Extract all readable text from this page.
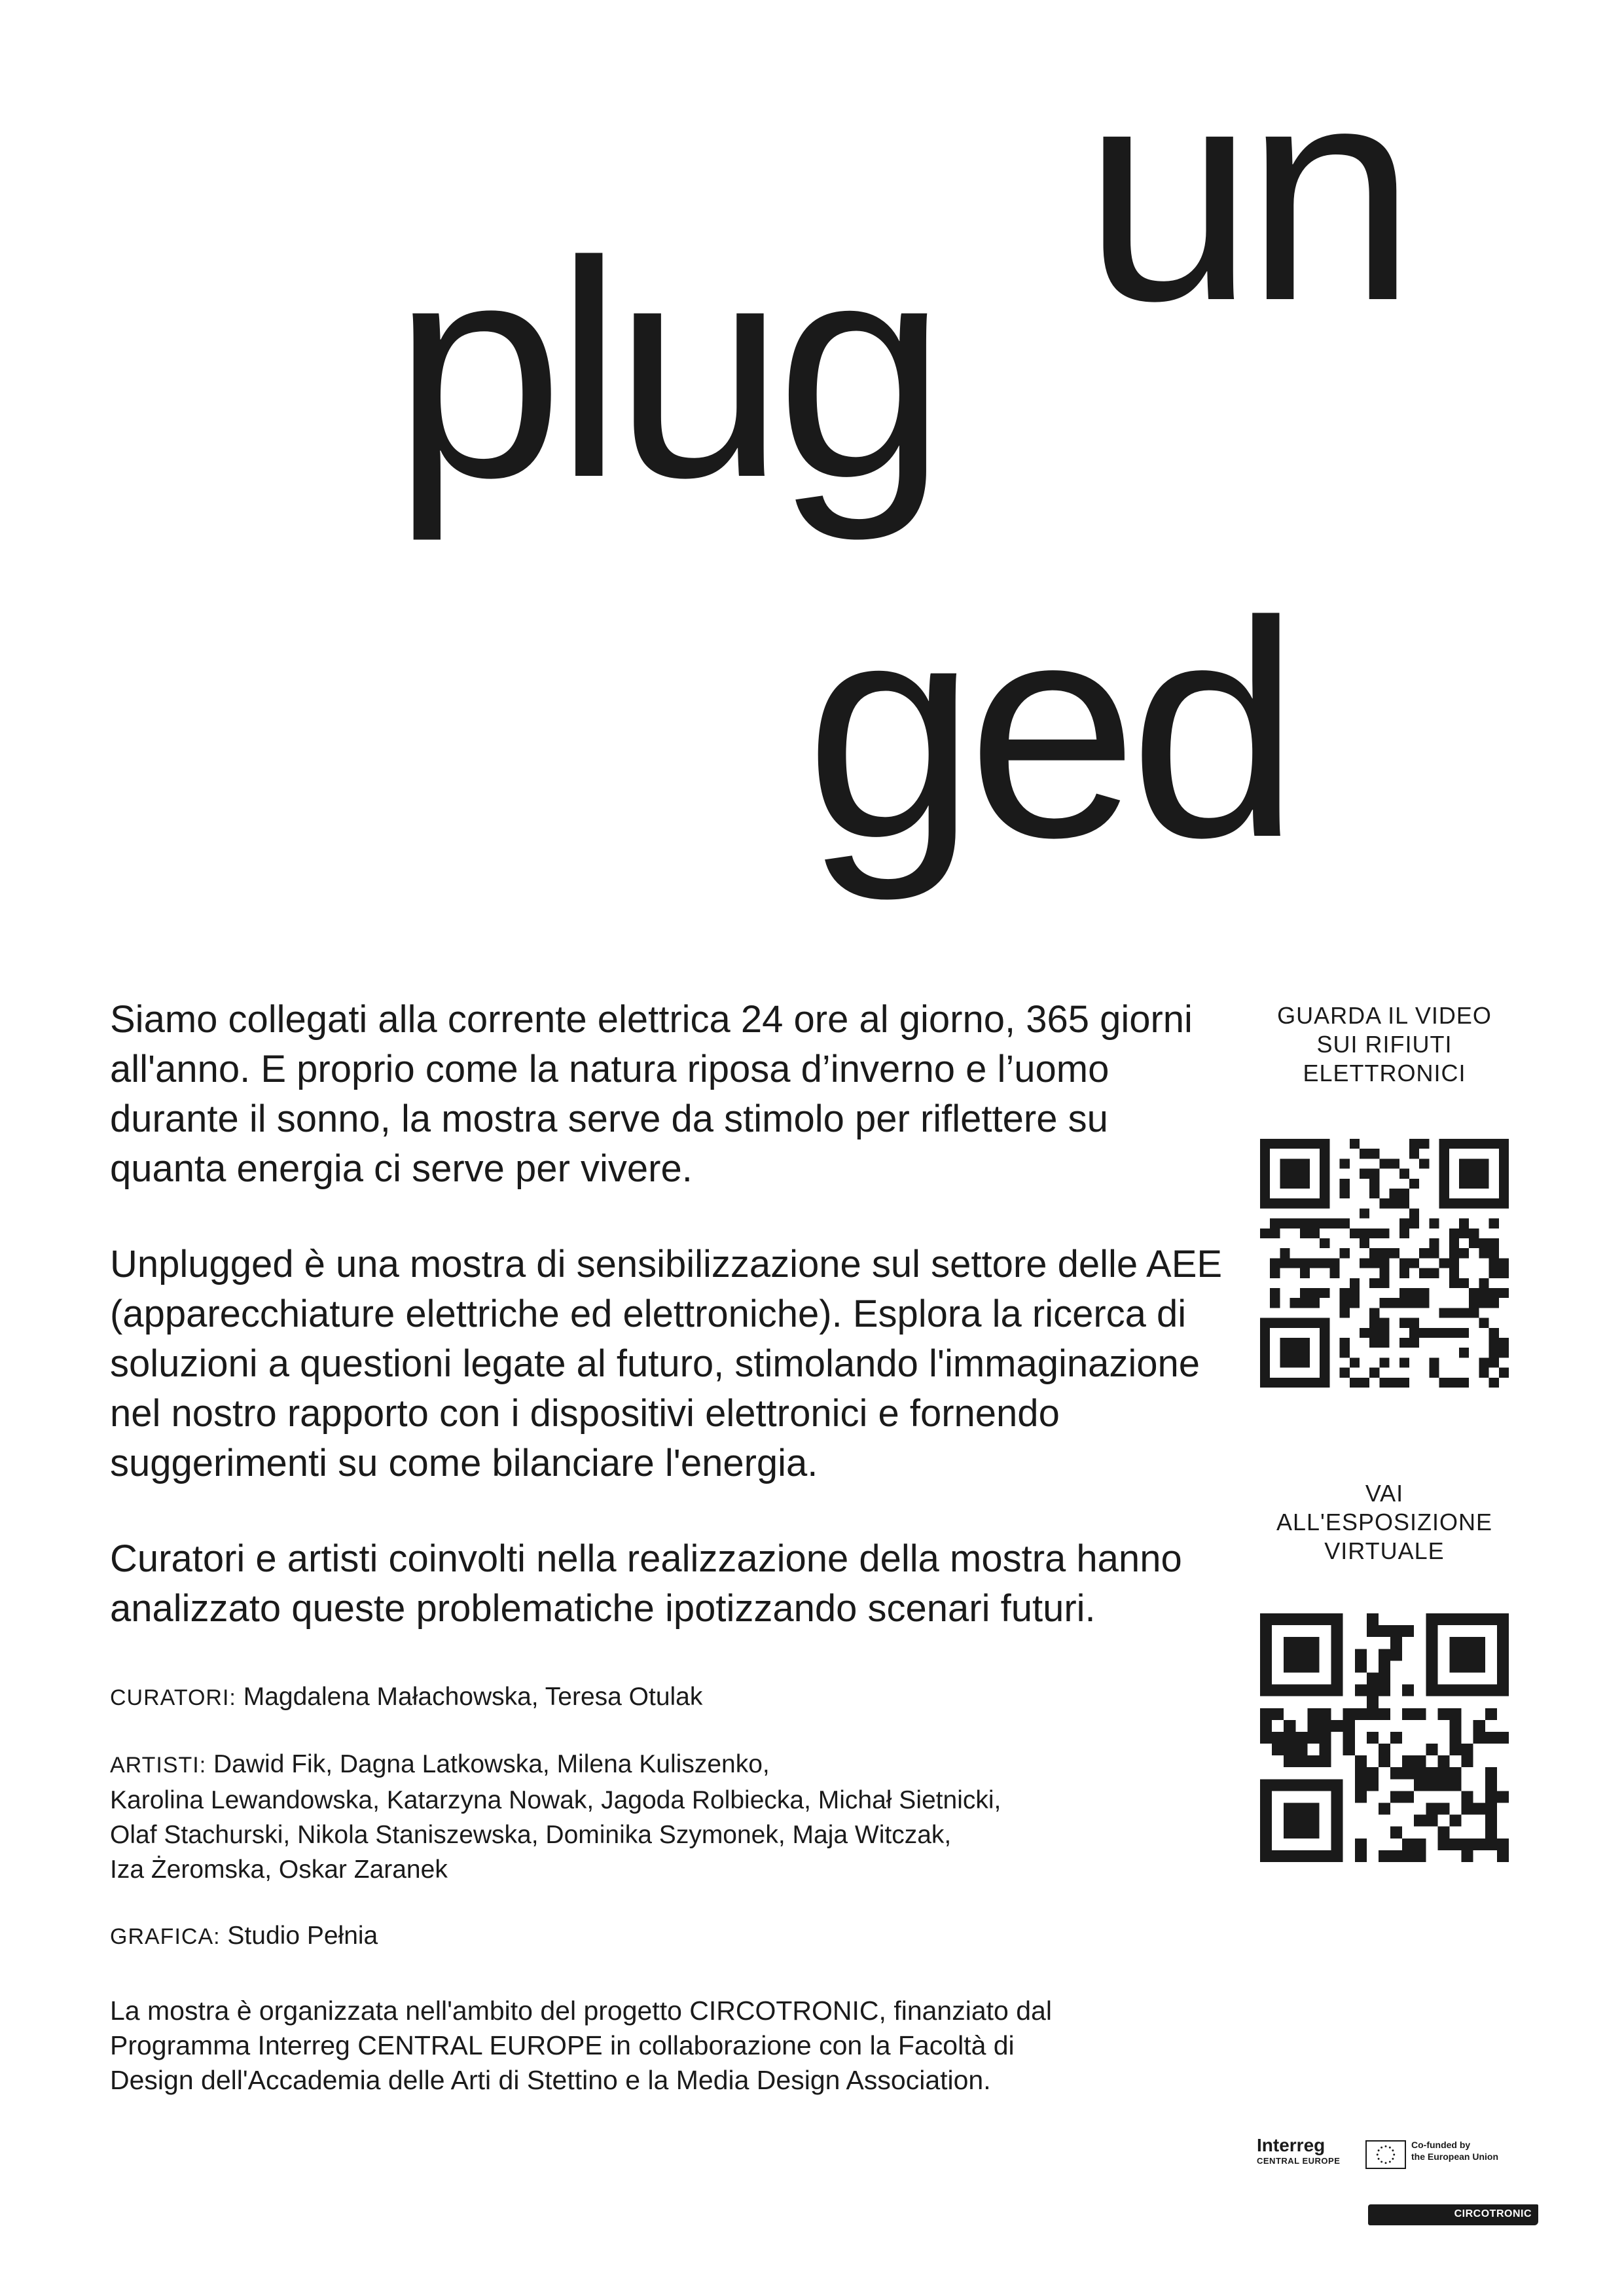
un
plug
ged

Siamo collegati alla corrente elettrica 24 ore al giorno, 365 giorni all'anno. E proprio come la natura riposa d’inverno e l’uomo durante il sonno, la mostra serve da stimolo per riflettere su quanta energia ci serve per vivere.

Unplugged è una mostra di sensibilizzazione sul settore delle AEE (apparecchiature elettriche ed elettroniche). Esplora la ricerca di soluzioni a questioni legate al futuro, stimolando l'immaginazione nel nostro rapporto con i dispositivi elettronici e fornendo suggerimenti su come bilanciare l'energia.

Curatori e artisti coinvolti nella realizzazione della mostra hanno analizzato queste problematiche ipotizzando scenari futuri.

CURATORI: Magdalena Małachowska, Teresa Otulak

ARTISTI: Dawid Fik, Dagna Latkowska, Milena Kuliszenko,
Karolina Lewandowska, Katarzyna Nowak, Jagoda Rolbiecka, Michał Sietnicki,
Olaf Stachurski, Nikola Staniszewska, Dominika Szymonek, Maja Witczak,
Iza Żeromska, Oskar Zaranek

GRAFICA: Studio Pełnia

La mostra è organizzata nell'ambito del progetto CIRCOTRONIC, finanziato dal
Programma Interreg CENTRAL EUROPE in collaborazione con la Facoltà di
Design dell'Accademia delle Arti di Stettino e la Media Design Association.

GUARDA IL VIDEO

SUI RIFIUTI

ELETTRONICI

VAI

ALL'ESPOSIZIONE

VIRTUALE

Interreg
CENTRAL EUROPE
Co-funded by
the European Union
CIRCOTRONIC
